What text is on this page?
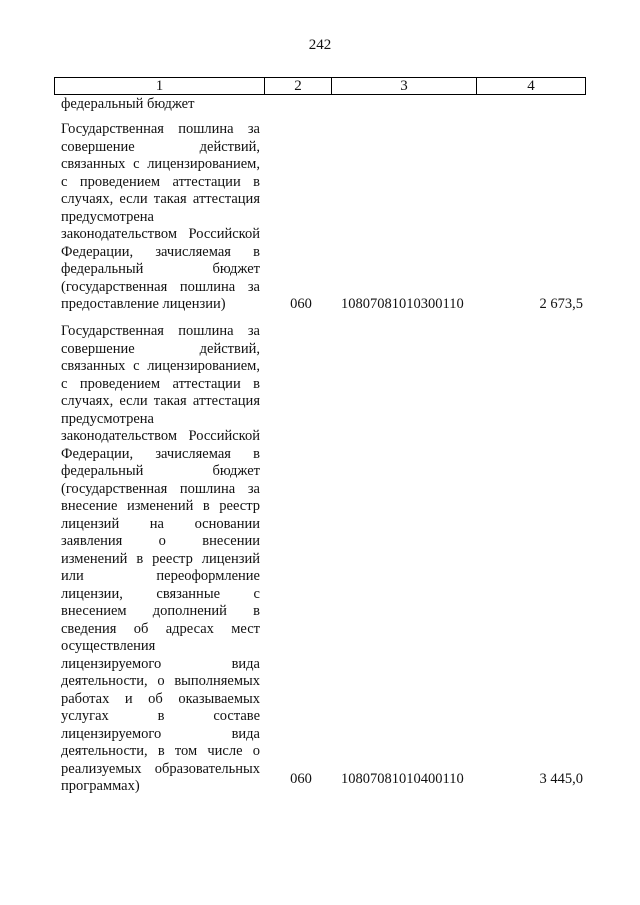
242
1	2	3	4
федеральный бюджет
Государственная пошлина за
совершение действий,
связанных с лицензированием,
с проведением аттестации в
случаях, если такая аттестация
предусмотрена
законодательством Российской
Федерации, зачисляемая в
федеральный бюджет
(государственная пошлина за
предоставление лицензии)	060 10807081010300110	2 673,5
Государственная пошлина за
совершение действий,
связанных с лицензированием,
с проведением аттестации в
случаях, если такая аттестация
предусмотрена
законодательством Российской
Федерации, зачисляемая в
федеральный бюджет
(государственная пошлина за
внесение изменений в реестр
лицензий на основании
заявления о внесении
изменений в реестр лицензий
или переоформление
лицензии, связанные с
внесением дополнений в
сведения об адресах мест
осуществления
лицензируемого вида
деятельности, о выполняемых
работах и об оказываемых
услугах в составе
лицензируемого вида
деятельности, в том числе о
реализуемых образовательных
программах)	060 10807081010400110	3 445,0
